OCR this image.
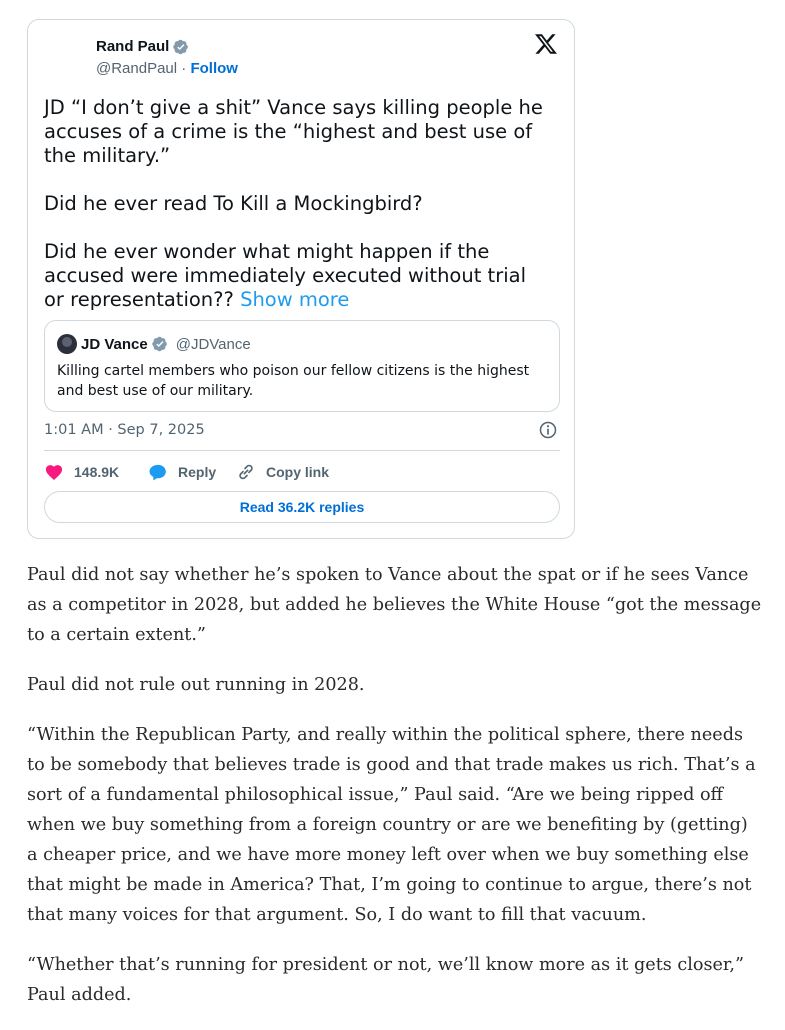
Rand Paul
@RandPaul · Follow

JD “I don’t give a shit” Vance says killing people he accuses of a crime is the “highest and best use of the military.”

Did he ever read To Kill a Mockingbird?

Did he ever wonder what might happen if the accused were immediately executed without trial or representation?? Show more

JD Vance @JDVance
Killing cartel members who poison our fellow citizens is the highest and best use of our military.
1:01 AM · Sep 7, 2025
148.9K	Reply	Copy link
Read 36.2K replies

Paul did not say whether he’s spoken to Vance about the spat or if he sees Vance as a competitor in 2028, but added he believes the White House “got the message to a certain extent.”

Paul did not rule out running in 2028.

“Within the Republican Party, and really within the political sphere, there needs to be somebody that believes trade is good and that trade makes us rich. That’s a sort of a fundamental philosophical issue,” Paul said. “Are we being ripped off when we buy something from a foreign country or are we benefiting by (getting) a cheaper price, and we have more money left over when we buy something else that might be made in America? That, I’m going to continue to argue, there’s not that many voices for that argument. So, I do want to fill that vacuum.

“Whether that’s running for president or not, we’ll know more as it gets closer,” Paul added.
